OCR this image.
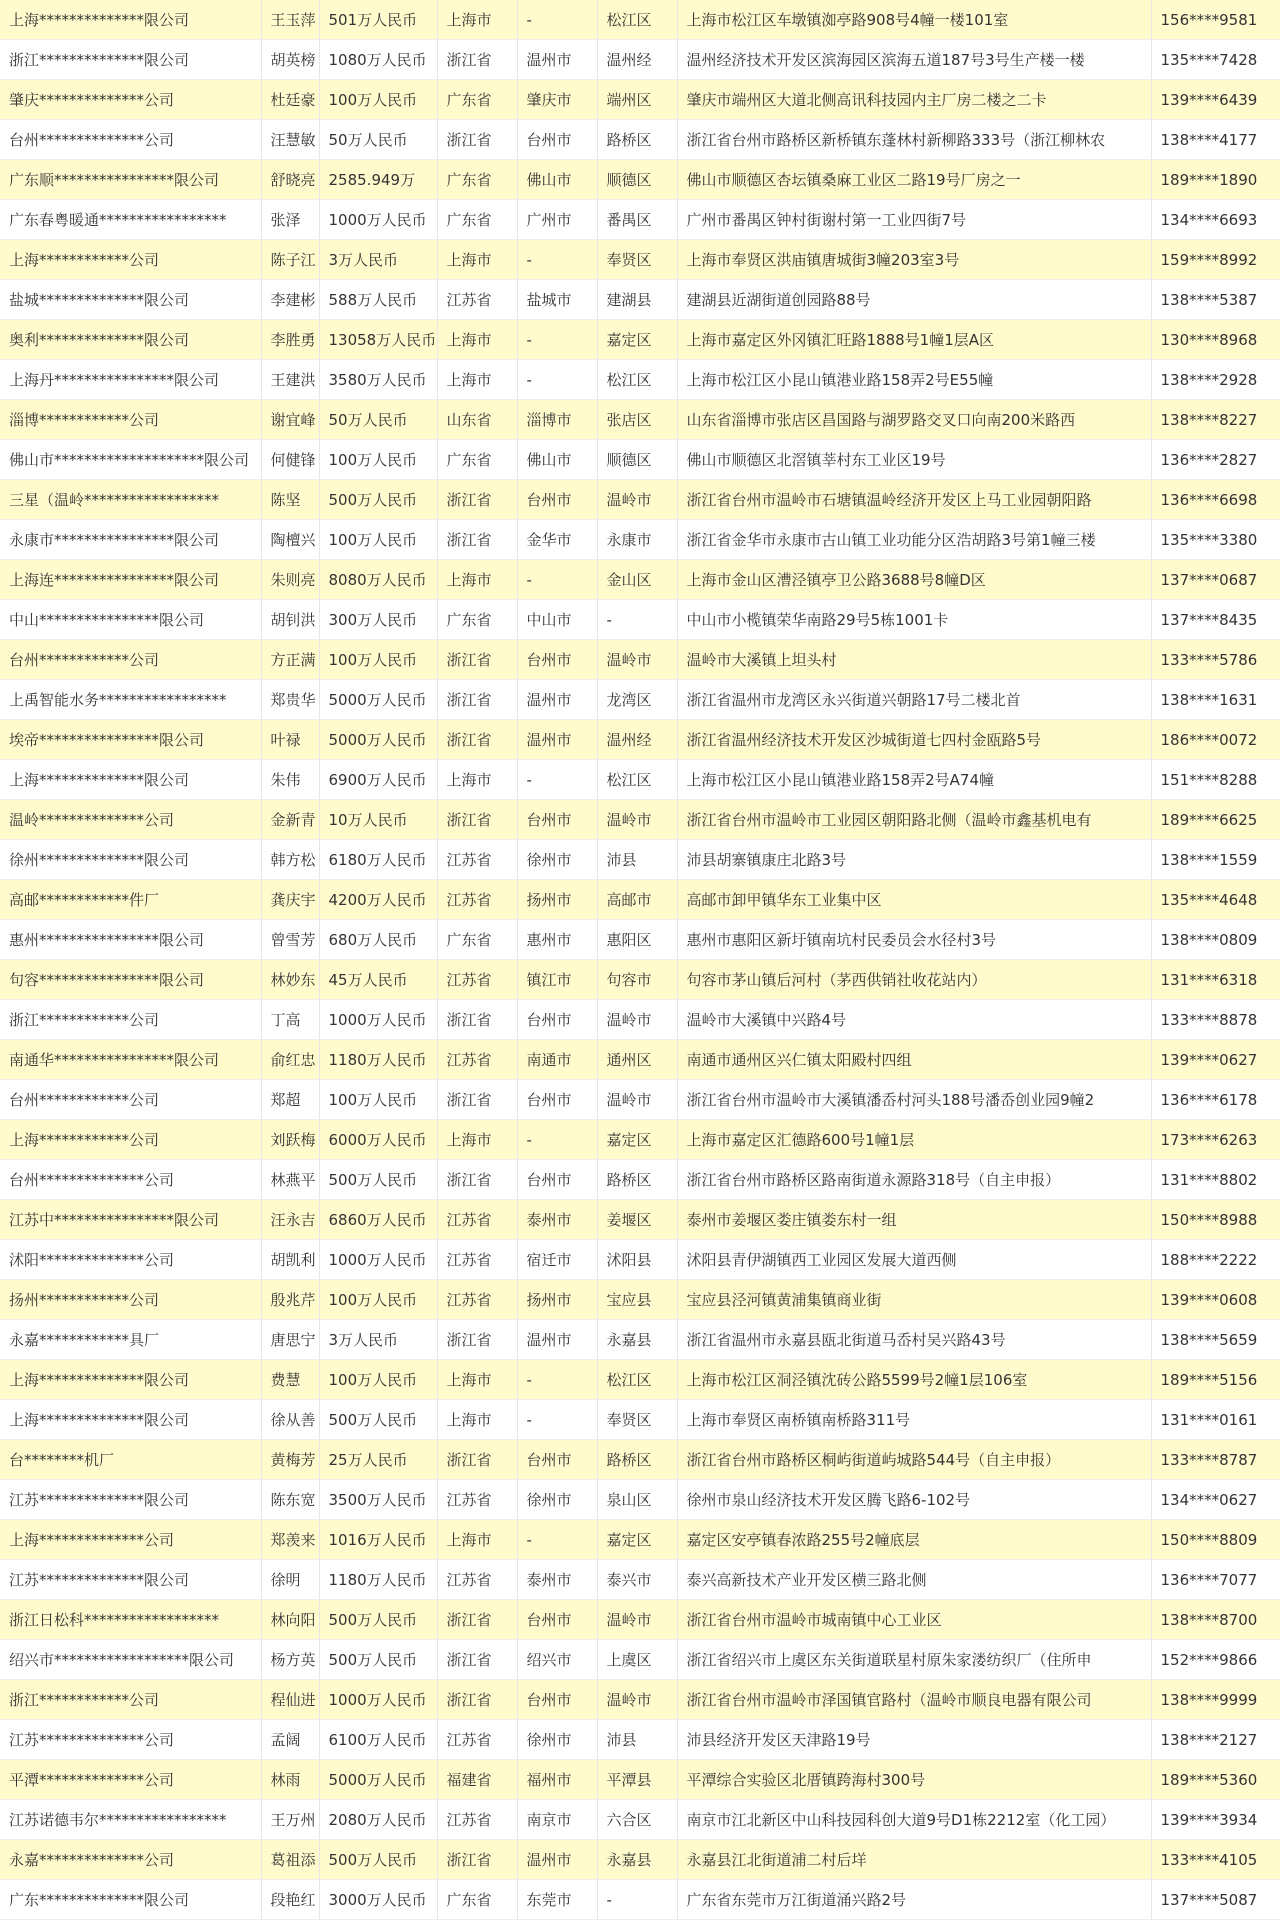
上海**************限公司	王玉萍	501万人民币	上海市	-	松江区	上海市松江区车墩镇洳亭路908号4幢一楼101室	156****9581
浙江**************限公司	胡英榜	1080万人民币	浙江省	温州市	温州经	温州经济技术开发区滨海园区滨海五道187号3号生产楼一楼	135****7428
肇庆**************公司	杜廷豪	100万人民币	广东省	肇庆市	端州区	肇庆市端州区大道北侧高讯科技园内主厂房二楼之二卡	139****6439
台州**************公司	汪慧敏	50万人民币	浙江省	台州市	路桥区	浙江省台州市路桥区新桥镇东蓬林村新柳路333号（浙江柳林农	138****4177
广东顺****************限公司	舒晓亮	2585.949万	广东省	佛山市	顺德区	佛山市顺德区杏坛镇桑麻工业区二路19号厂房之一	189****1890
广东春粤暖通*****************	张泽	1000万人民币	广东省	广州市	番禺区	广州市番禺区钟村街谢村第一工业四街7号	134****6693
上海************公司	陈子江	3万人民币	上海市	-	奉贤区	上海市奉贤区洪庙镇唐城街3幢203室3号	159****8992
盐城**************限公司	李建彬	588万人民币	江苏省	盐城市	建湖县	建湖县近湖街道创园路88号	138****5387
奥利**************限公司	李胜勇	13058万人民币	上海市	-	嘉定区	上海市嘉定区外冈镇汇旺路1888号1幢1层A区	130****8968
上海丹****************限公司	王建洪	3580万人民币	上海市	-	松江区	上海市松江区小昆山镇港业路158弄2号E55幢	138****2928
淄博************公司	谢宜峰	50万人民币	山东省	淄博市	张店区	山东省淄博市张店区昌国路与湖罗路交叉口向南200米路西	138****8227
佛山市********************限公司	何健锋	100万人民币	广东省	佛山市	顺德区	佛山市顺德区北滘镇莘村东工业区19号	136****2827
三星（温岭******************	陈坚	500万人民币	浙江省	台州市	温岭市	浙江省台州市温岭市石塘镇温岭经济开发区上马工业园朝阳路	136****6698
永康市****************限公司	陶檀兴	100万人民币	浙江省	金华市	永康市	浙江省金华市永康市古山镇工业功能分区浩胡路3号第1幢三楼	135****3380
上海连****************限公司	朱则亮	8080万人民币	上海市	-	金山区	上海市金山区漕泾镇亭卫公路3688号8幢D区	137****0687
中山****************限公司	胡钊洪	300万人民币	广东省	中山市	-	中山市小榄镇荣华南路29号5栋1001卡	137****8435
台州************公司	方正满	100万人民币	浙江省	台州市	温岭市	温岭市大溪镇上坦头村	133****5786
上禹智能水务*****************	郑贵华	5000万人民币	浙江省	温州市	龙湾区	浙江省温州市龙湾区永兴街道兴朝路17号二楼北首	138****1631
埃帝****************限公司	叶禄	5000万人民币	浙江省	温州市	温州经	浙江省温州经济技术开发区沙城街道七四村金瓯路5号	186****0072
上海**************限公司	朱伟	6900万人民币	上海市	-	松江区	上海市松江区小昆山镇港业路158弄2号A74幢	151****8288
温岭**************公司	金新青	10万人民币	浙江省	台州市	温岭市	浙江省台州市温岭市工业园区朝阳路北侧（温岭市鑫基机电有	189****6625
徐州**************限公司	韩方松	6180万人民币	江苏省	徐州市	沛县	沛县胡寨镇康庄北路3号	138****1559
高邮************件厂	龚庆宇	4200万人民币	江苏省	扬州市	高邮市	高邮市卸甲镇华东工业集中区	135****4648
惠州****************限公司	曾雪芳	680万人民币	广东省	惠州市	惠阳区	惠州市惠阳区新圩镇南坑村民委员会水径村3号	138****0809
句容****************限公司	林妙东	45万人民币	江苏省	镇江市	句容市	句容市茅山镇后河村（茅西供销社收花站内）	131****6318
浙江************公司	丁高	1000万人民币	浙江省	台州市	温岭市	温岭市大溪镇中兴路4号	133****8878
南通华****************限公司	俞红忠	1180万人民币	江苏省	南通市	通州区	南通市通州区兴仁镇太阳殿村四组	139****0627
台州************公司	郑超	100万人民币	浙江省	台州市	温岭市	浙江省台州市温岭市大溪镇潘岙村河头188号潘岙创业园9幢2	136****6178
上海************公司	刘跃梅	6000万人民币	上海市	-	嘉定区	上海市嘉定区汇德路600号1幢1层	173****6263
台州**************公司	林燕平	500万人民币	浙江省	台州市	路桥区	浙江省台州市路桥区路南街道永源路318号（自主申报）	131****8802
江苏中****************限公司	汪永吉	6860万人民币	江苏省	泰州市	姜堰区	泰州市姜堰区娄庄镇娄东村一组	150****8988
沭阳**************公司	胡凯利	1000万人民币	江苏省	宿迁市	沭阳县	沭阳县青伊湖镇西工业园区发展大道西侧	188****2222
扬州************公司	殷兆芹	100万人民币	江苏省	扬州市	宝应县	宝应县泾河镇黄浦集镇商业街	139****0608
永嘉************具厂	唐思宁	3万人民币	浙江省	温州市	永嘉县	浙江省温州市永嘉县瓯北街道马岙村吴兴路43号	138****5659
上海**************限公司	费慧	100万人民币	上海市	-	松江区	上海市松江区洞泾镇沈砖公路5599号2幢1层106室	189****5156
上海**************限公司	徐从善	500万人民币	上海市	-	奉贤区	上海市奉贤区南桥镇南桥路311号	131****0161
台********机厂	黄梅芳	25万人民币	浙江省	台州市	路桥区	浙江省台州市路桥区桐屿街道屿城路544号（自主申报）	133****8787
江苏**************限公司	陈东宽	3500万人民币	江苏省	徐州市	泉山区	徐州市泉山经济技术开发区腾飞路6-102号	134****0627
上海**************公司	郑羡来	1016万人民币	上海市	-	嘉定区	嘉定区安亭镇春浓路255号2幢底层	150****8809
江苏**************限公司	徐明	1180万人民币	江苏省	泰州市	泰兴市	泰兴高新技术产业开发区横三路北侧	136****7077
浙江日松科******************	林向阳	500万人民币	浙江省	台州市	温岭市	浙江省台州市温岭市城南镇中心工业区	138****8700
绍兴市******************限公司	杨方英	500万人民币	浙江省	绍兴市	上虞区	浙江省绍兴市上虞区东关街道联星村原朱家溇纺织厂（住所申	152****9866
浙江************公司	程仙进	1000万人民币	浙江省	台州市	温岭市	浙江省台州市温岭市泽国镇官路村（温岭市顺良电器有限公司	138****9999
江苏**************公司	孟阔	6100万人民币	江苏省	徐州市	沛县	沛县经济开发区天津路19号	138****2127
平潭**************公司	林雨	5000万人民币	福建省	福州市	平潭县	平潭综合实验区北厝镇跨海村300号	189****5360
江苏诺德韦尔*****************	王万州	2080万人民币	江苏省	南京市	六合区	南京市江北新区中山科技园科创大道9号D1栋2212室（化工园）	139****3934
永嘉**************公司	葛祖添	500万人民币	浙江省	温州市	永嘉县	永嘉县江北街道浦二村后垟	133****4105
广东**************限公司	段艳红	3000万人民币	广东省	东莞市	-	广东省东莞市万江街道涌兴路2号	137****5087
